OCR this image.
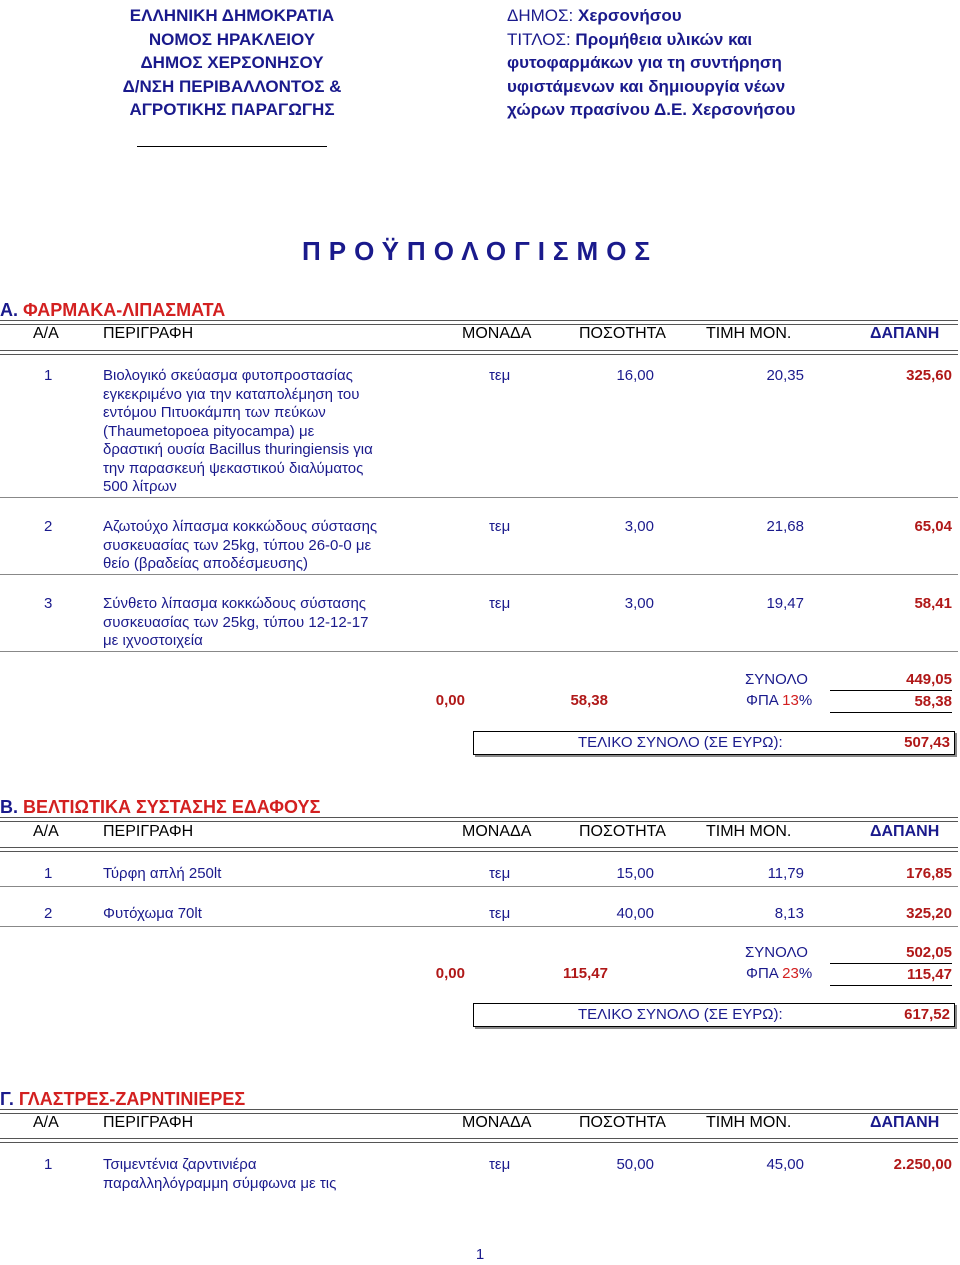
ΕΛΛΗΝΙΚΗ ΔΗΜΟΚΡΑΤΙΑ
ΝΟΜΟΣ ΗΡΑΚΛΕΙΟΥ
ΔΗΜΟΣ ΧΕΡΣΟΝΗΣΟΥ
Δ/ΝΣΗ ΠΕΡΙΒΑΛΛΟΝΤΟΣ &
ΑΓΡΟΤΙΚΗΣ ΠΑΡΑΓΩΓΗΣ
ΔΗΜΟΣ: Χερσονήσου
ΤΙΤΛΟΣ: Προμήθεια υλικών και
φυτοφαρμάκων για τη συντήρηση
υφιστάμενων και δημιουργία νέων
χώρων πρασίνου Δ.Ε. Χερσονήσου
ΠΡΟΫΠΟΛΟΓΙΣΜΟΣ
Α. ΦΑΡΜΑΚΑ-ΛΙΠΑΣΜΑΤΑ
Α/Α	ΠΕΡΙΓΡΑΦΗ	ΜΟΝΑΔΑ	ΠΟΣΟΤΗΤΑ	ΤΙΜΗ ΜΟΝ.	ΔΑΠΑΝΗ
1	Βιολογικό σκεύασμα φυτοπροστασίας
εγκεκριμένο για την καταπολέμηση του
εντόμου Πιτυοκάμπη των πεύκων
(Thaumetopoea pityocampa) με
δραστική ουσία Bacillus thuringiensis για
την παρασκευή ψεκαστικού διαλύματος
500 λίτρων
τεμ	16,00	20,35	325,60
2	Αζωτούχο λίπασμα κοκκώδους σύστασης
συσκευασίας των 25kg, τύπου 26-0-0 με
θείο (βραδείας αποδέσμευσης)
τεμ	3,00	21,68	65,04
3	Σύνθετο λίπασμα κοκκώδους σύστασης
συσκευασίας των 25kg, τύπου 12-12-17
με ιχνοστοιχεία
τεμ	3,00	19,47	58,41
ΣΥΝΟΛΟ	449,05
0,00	58,38	ΦΠΑ 13%	58,38
ΤΕΛΙΚΟ ΣΥΝΟΛΟ (ΣΕ ΕΥΡΩ):	507,43
Β. ΒΕΛΤΙΩΤΙΚΑ ΣΥΣΤΑΣΗΣ ΕΔΑΦΟΥΣ
Α/Α	ΠΕΡΙΓΡΑΦΗ	ΜΟΝΑΔΑ	ΠΟΣΟΤΗΤΑ	ΤΙΜΗ ΜΟΝ.	ΔΑΠΑΝΗ
1	Τύρφη απλή 250lt	τεμ	15,00	11,79	176,85
2	Φυτόχωμα 70lt	τεμ	40,00	8,13	325,20
ΣΥΝΟΛΟ	502,05
0,00	115,47	ΦΠΑ 23%	115,47
ΤΕΛΙΚΟ ΣΥΝΟΛΟ (ΣΕ ΕΥΡΩ):	617,52
Γ. ΓΛΑΣΤΡΕΣ-ΖΑΡΝΤΙΝΙΕΡΕΣ
Α/Α	ΠΕΡΙΓΡΑΦΗ	ΜΟΝΑΔΑ	ΠΟΣΟΤΗΤΑ	ΤΙΜΗ ΜΟΝ.	ΔΑΠΑΝΗ
1	Τσιμεντένια ζαρντινιέρα
παραλληλόγραμμη σύμφωνα με τις
τεμ	50,00	45,00	2.250,00
1
